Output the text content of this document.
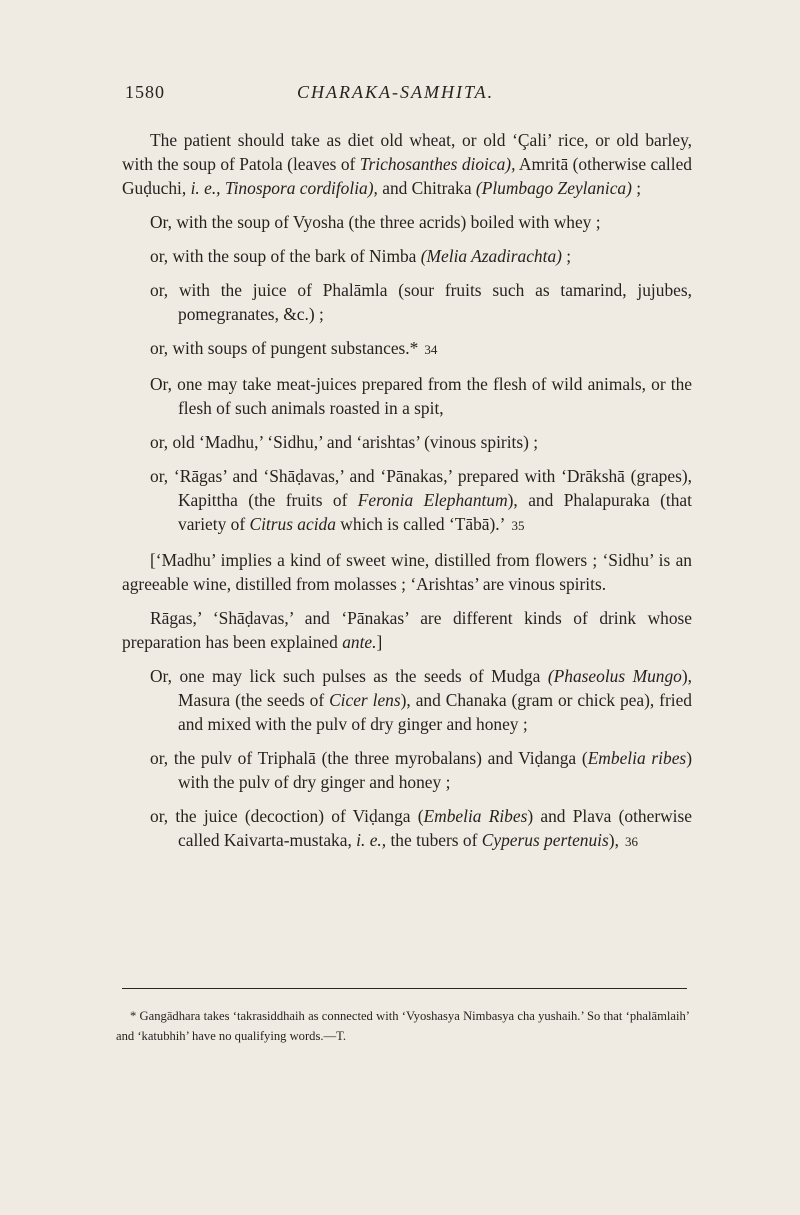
1580	CHARAKA-SAMHITA.

The patient should take as diet old wheat, or old ‘Çali’ rice, or old barley, with the soup of Patola (leaves of Trichosanthes dioica), Amritā (otherwise called Guḍuchi, i. e., Tinospora cordifolia), and Chitraka (Plumbago Zeylanica) ;

Or, with the soup of Vyosha (the three acrids) boiled with whey ;

or, with the soup of the bark of Nimba (Melia Azadirachta) ;

or, with the juice of Phalāmla (sour fruits such as tamarind, jujubes, pomegranates, &c.) ;

or, with soups of pungent substances.* 34

Or, one may take meat-juices prepared from the flesh of wild animals, or the flesh of such animals roasted in a spit,

or, old ‘Madhu,’ ‘Sidhu,’ and ‘arishtas’ (vinous spirits) ;

or, ‘Rāgas’ and ‘Shāḍavas,’ and ‘Pānakas,’ prepared with ‘Drākshā (grapes), Kapittha (the fruits of Feronia Elephantum), and Phalapuraka (that variety of Citrus acida which is called ‘Tābā).’ 35

[‘Madhu’ implies a kind of sweet wine, distilled from flowers ; ‘Sidhu’ is an agreeable wine, distilled from molasses ; ‘Arishtas’ are vinous spirits.

Rāgas,’ ‘Shāḍavas,’ and ‘Pānakas’ are different kinds of drink whose preparation has been explained ante.]

Or, one may lick such pulses as the seeds of Mudga (Phaseolus Mungo), Masura (the seeds of Cicer lens), and Chanaka (gram or chick pea), fried and mixed with the pulv of dry ginger and honey ;

or, the pulv of Triphalā (the three myrobalans) and Viḍanga (Embelia ribes) with the pulv of dry ginger and honey ;

or, the juice (decoction) of Viḍanga (Embelia Ribes) and Plava (otherwise called Kaivarta-mustaka, i. e., the tubers of Cyperus pertenuis), 36

* Gangādhara takes ‘takrasiddhaih as connected with ‘Vyoshasya Nimbasya cha yushaih.’ So that ‘phalāmlaih’ and ‘katubhih’ have no qualifying words.—T.
